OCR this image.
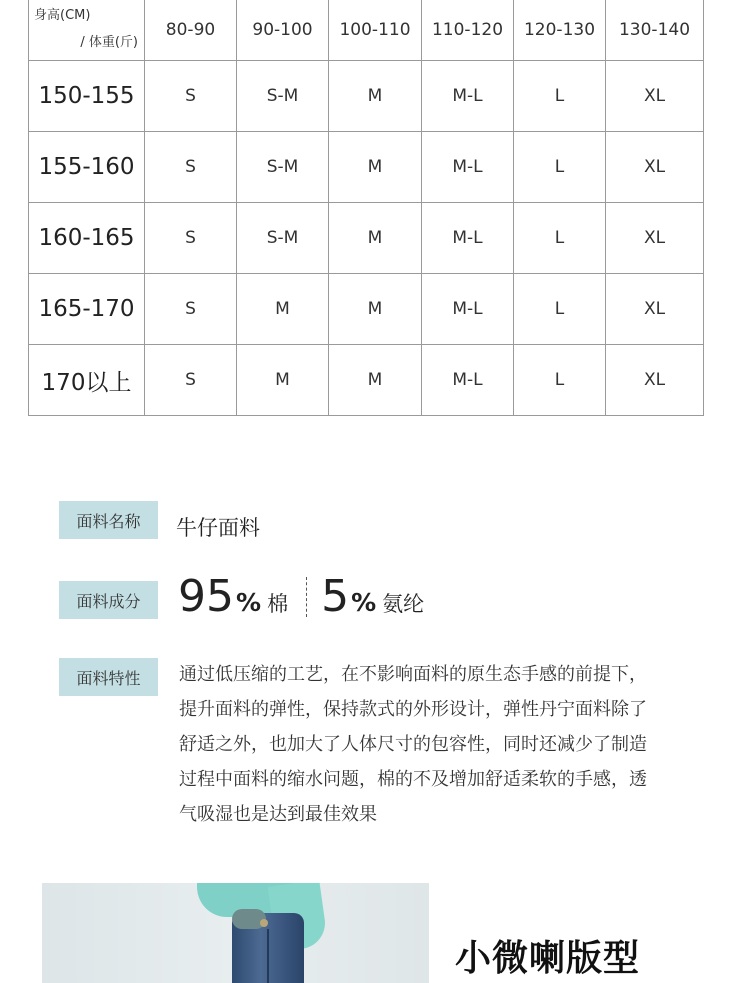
身高(CM)
/ 体重(斤)	80-90	90-100	100-110	110-120	120-130	130-140
150-155	S	S-M	M	M-L	L	XL
155-160	S	S-M	M	M-L	L	XL
160-165	S	S-M	M	M-L	L	XL
165-170	S	M	M	M-L	L	XL
170以上	S	M	M	M-L	L	XL
面料名称	牛仔面料
面料成分 95 % 棉 5 % 氨纶
面料特性	通过低压缩的工艺，在不影响面料的原生态手感的前提下，
提升面料的弹性，保持款式的外形设计，弹性丹宁面料除了
舒适之外，也加大了人体尺寸的包容性，同时还减少了制造
过程中面料的缩水问题，棉的不及增加舒适柔软的手感，透
气吸湿也是达到最佳效果
小微喇版型
